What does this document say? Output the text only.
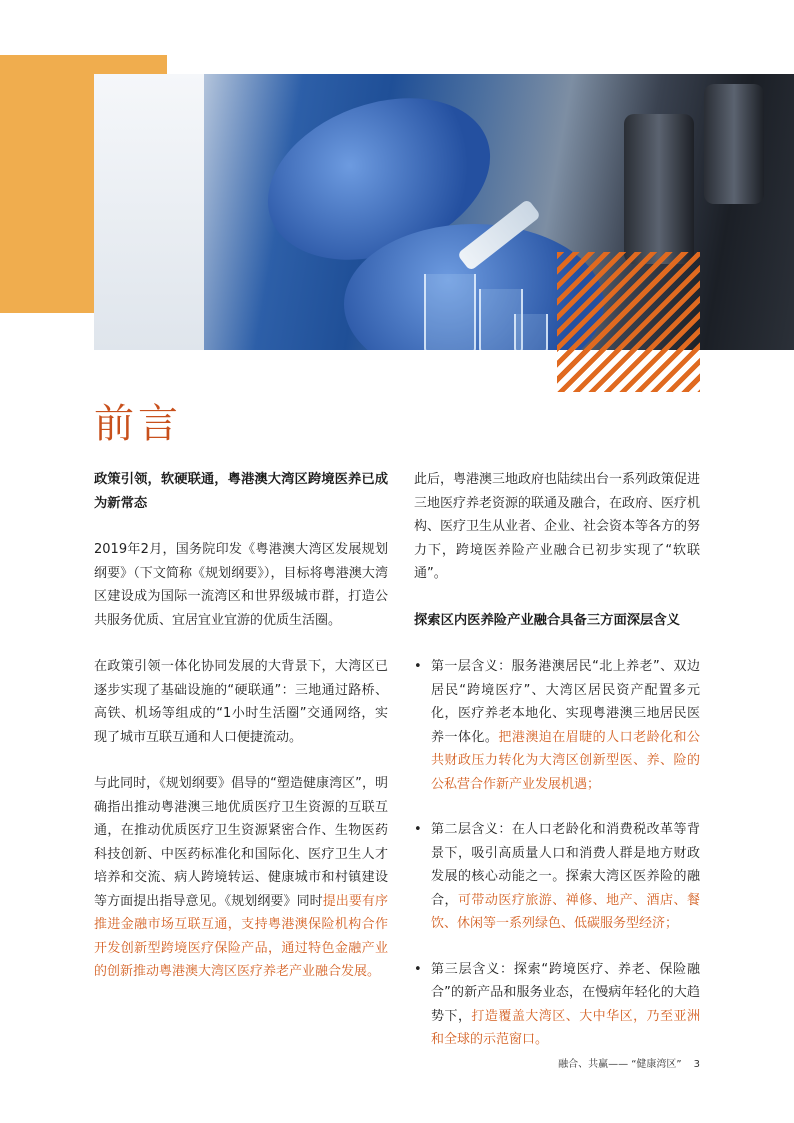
前言

政策引领，软硬联通，粤港澳大湾区跨境医养已成为新常态

2019年2月，国务院印发《粤港澳大湾区发展规划纲要》（下文简称《规划纲要》），目标将粤港澳大湾区建设成为国际一流湾区和世界级城市群，打造公共服务优质、宜居宜业宜游的优质生活圈。

在政策引领一体化协同发展的大背景下，大湾区已逐步实现了基础设施的“硬联通”：三地通过路桥、高铁、机场等组成的“1小时生活圈”交通网络，实现了城市互联互通和人口便捷流动。

与此同时，《规划纲要》倡导的“塑造健康湾区”，明确指出推动粤港澳三地优质医疗卫生资源的互联互通，在推动优质医疗卫生资源紧密合作、生物医药科技创新、中医药标准化和国际化、医疗卫生人才培养和交流、病人跨境转运、健康城市和村镇建设等方面提出指导意见。《规划纲要》同时提出要有序推进金融市场互联互通，支持粤港澳保险机构合作开发创新型跨境医疗保险产品，通过特色金融产业的创新推动粤港澳大湾区医疗养老产业融合发展。

此后，粤港澳三地政府也陆续出台一系列政策促进三地医疗养老资源的联通及融合，在政府、医疗机构、医疗卫生从业者、企业、社会资本等各方的努力下，跨境医养险产业融合已初步实现了“软联通”。

探索区内医养险产业融合具备三方面深层含义

• 第一层含义：服务港澳居民“北上养老”、双边居民“跨境医疗”、大湾区居民资产配置多元化，医疗养老本地化、实现粤港澳三地居民医养一体化。把港澳迫在眉睫的人口老龄化和公共财政压力转化为大湾区创新型医、养、险的公私营合作新产业发展机遇；
• 第二层含义：在人口老龄化和消费税改革等背景下，吸引高质量人口和消费人群是地方财政发展的核心动能之一。探索大湾区医养险的融合，可带动医疗旅游、禅修、地产、酒店、餐饮、休闲等一系列绿色、低碳服务型经济；
• 第三层含义：探索“跨境医疗、养老、保险融合”的新产品和服务业态，在慢病年轻化的大趋势下，打造覆盖大湾区、大中华区，乃至亚洲和全球的示范窗口。
融合、共赢—— “健康湾区” 3
